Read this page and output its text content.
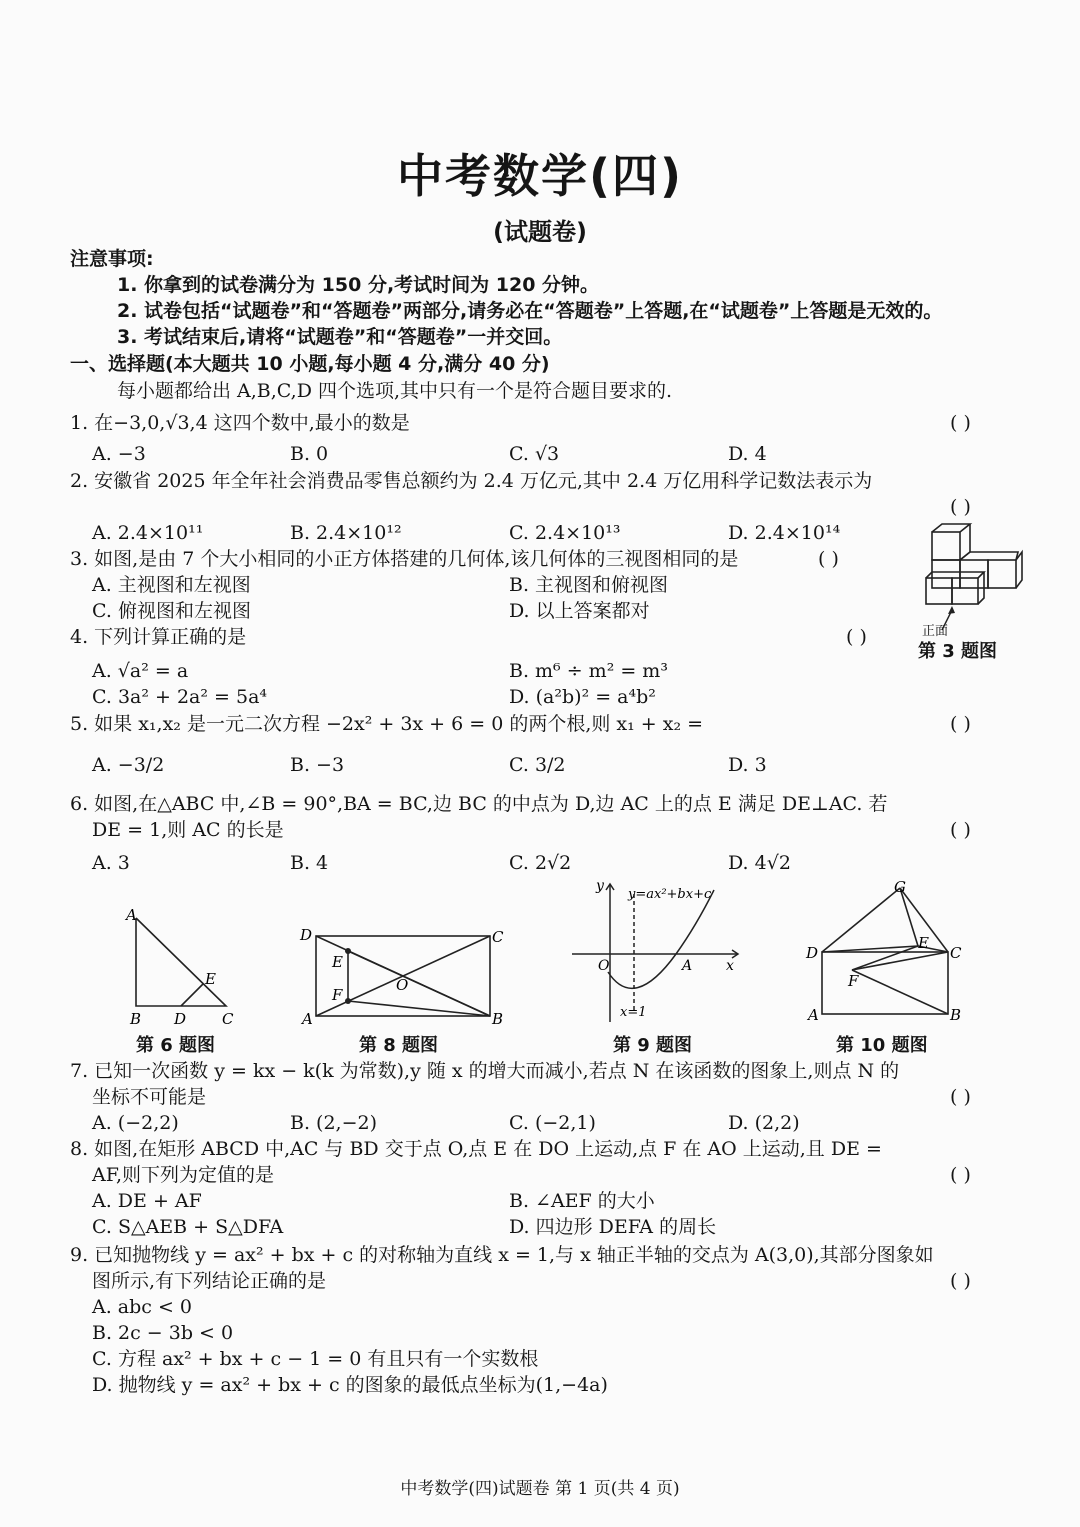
中考数学(四)
(试题卷)
注意事项:
1. 你拿到的试卷满分为 150 分,考试时间为 120 分钟。
2. 试卷包括“试题卷”和“答题卷”两部分,请务必在“答题卷”上答题,在“试题卷”上答题是无效的。
3. 考试结束后,请将“试题卷”和“答题卷”一并交回。
一、选择题(本大题共 10 小题,每小题 4 分,满分 40 分)
每小题都给出 A,B,C,D 四个选项,其中只有一个是符合题目要求的.
1. 在−3,0,√3,4 这四个数中,最小的数是	( )
A. −3	B. 0	C. √3	D. 4
2. 安徽省 2025 年全年社会消费品零售总额约为 2.4 万亿元,其中 2.4 万亿用科学记数法表示为
( )
A. 2.4×10¹¹	B. 2.4×10¹²	C. 2.4×10¹³	D. 2.4×10¹⁴
3. 如图,是由 7 个大小相同的小正方体搭建的几何体,该几何体的三视图相同的是	( )
A. 主视图和左视图	B. 主视图和俯视图
C. 俯视图和左视图	D. 以上答案都对
正面
第 3 题图
4. 下列计算正确的是	( )
A. √a² = a	B. m⁶ ÷ m² = m³
C. 3a² + 2a² = 5a⁴	D. (a²b)² = a⁴b²
5. 如果 x₁,x₂ 是一元二次方程 −2x² + 3x + 6 = 0 的两个根,则 x₁ + x₂ =	( )
A. −3/2	B. −3	C. 3/2	D. 3
6. 如图,在△ABC 中,∠B = 90°,BA = BC,边 BC 的中点为 D,边 AC 上的点 E 满足 DE⊥AC. 若
DE = 1,则 AC 的长是	( )
A. 3	B. 4	C. 2√2	D. 4√2
A
B D C
E
第 6 题图
D	C
A	B
O
E
F
第 8 题图
y
x
O	A
x=1
y=ax²+bx+c
第 9 题图
G
D	C
E
F
A	B
第 10 题图
7. 已知一次函数 y = kx − k(k 为常数),y 随 x 的增大而减小,若点 N 在该函数的图象上,则点 N 的
坐标不可能是	( )
A. (−2,2)	B. (2,−2)	C. (−2,1)	D. (2,2)
8. 如图,在矩形 ABCD 中,AC 与 BD 交于点 O,点 E 在 DO 上运动,点 F 在 AO 上运动,且 DE =
AF,则下列为定值的是	( )
A. DE + AF	B. ∠AEF 的大小
C. S△AEB + S△DFA	D. 四边形 DEFA 的周长
9. 已知抛物线 y = ax² + bx + c 的对称轴为直线 x = 1,与 x 轴正半轴的交点为 A(3,0),其部分图象如
图所示,有下列结论正确的是	( )
A. abc < 0
B. 2c − 3b < 0
C. 方程 ax² + bx + c − 1 = 0 有且只有一个实数根
D. 抛物线 y = ax² + bx + c 的图象的最低点坐标为(1,−4a)
中考数学(四)试题卷 第 1 页(共 4 页)
